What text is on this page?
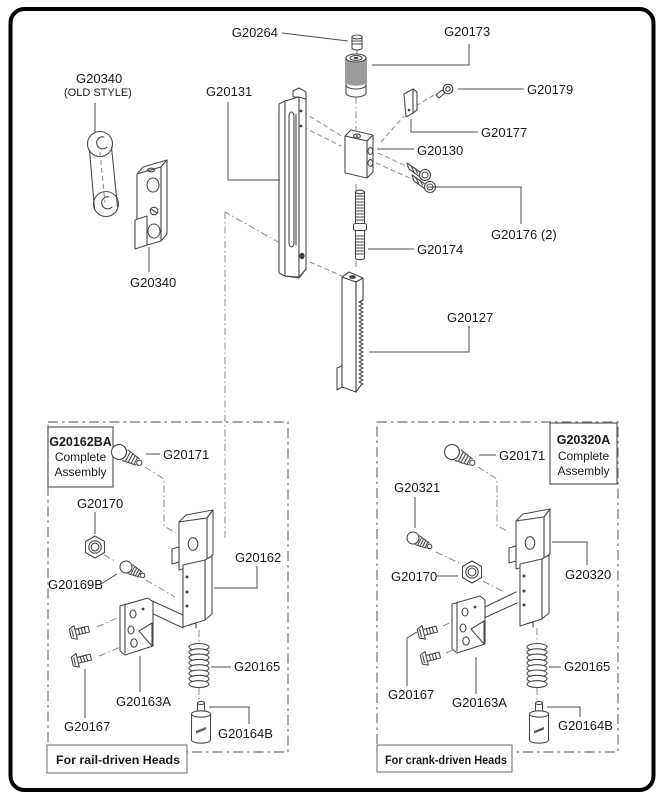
G20264	G20173
G20131	G20179
G20177
G20130
G20176 (2)
G20174
G20127
G20340
(OLD STYLE)
G20340
G20162BA
Complete
Assembly
G20171
G20170
G20169B
G20162
G20165
G20164B
G20163A
G20167
For rail-driven Heads
G20320A
Complete
Assembly
G20171
G20321
G20170	G20320
G20165
G20164B
G20163A
G20167
For crank-driven Heads
